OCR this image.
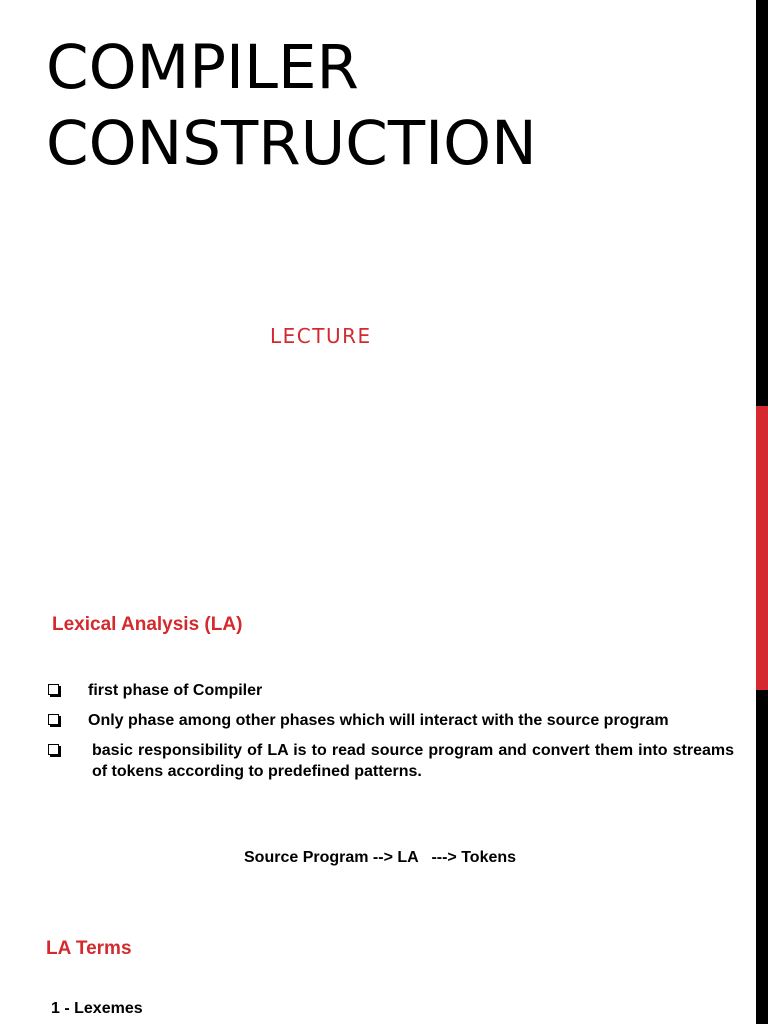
COMPILER
CONSTRUCTION
LECTURE
Lexical Analysis (LA)
first phase of Compiler
Only phase among other phases which will interact with the source program
basic responsibility of LA is to read source program and convert them into streams of tokens according to predefined patterns.
Source Program --> LA   ---> Tokens
LA Terms
1 - Lexemes
